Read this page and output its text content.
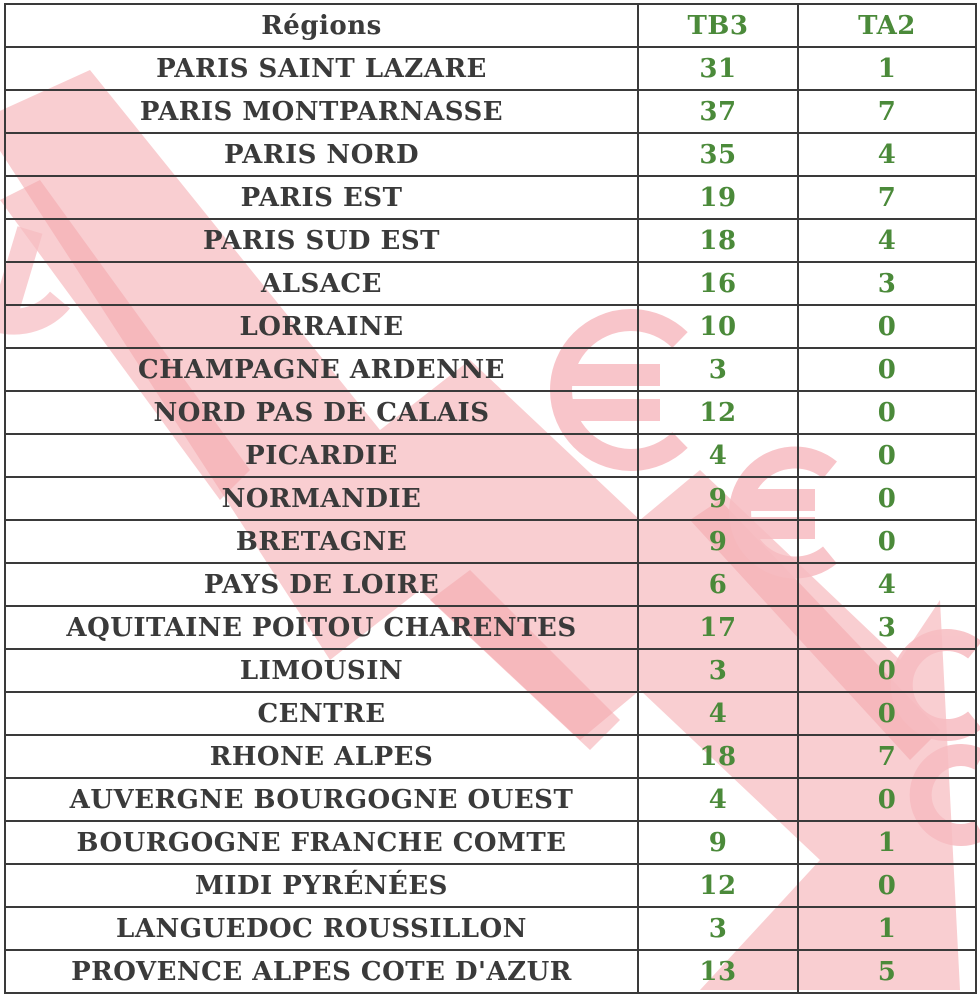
Régions	TB3	TA2
PARIS SAINT LAZARE	31	1
PARIS MONTPARNASSE	37	7
PARIS NORD	35	4
PARIS EST	19	7
PARIS SUD EST	18	4
ALSACE	16	3
LORRAINE	10	0
CHAMPAGNE ARDENNE	3	0
NORD PAS DE CALAIS	12	0
PICARDIE	4	0
NORMANDIE	9	0
BRETAGNE	9	0
PAYS DE LOIRE	6	4
AQUITAINE POITOU CHARENTES	17	3
LIMOUSIN	3	0
CENTRE	4	0
RHONE ALPES	18	7
AUVERGNE BOURGOGNE OUEST	4	0
BOURGOGNE FRANCHE COMTE	9	1
MIDI PYRÉNÉES	12	0
LANGUEDOC ROUSSILLON	3	1
PROVENCE ALPES COTE D'AZUR	13	5
